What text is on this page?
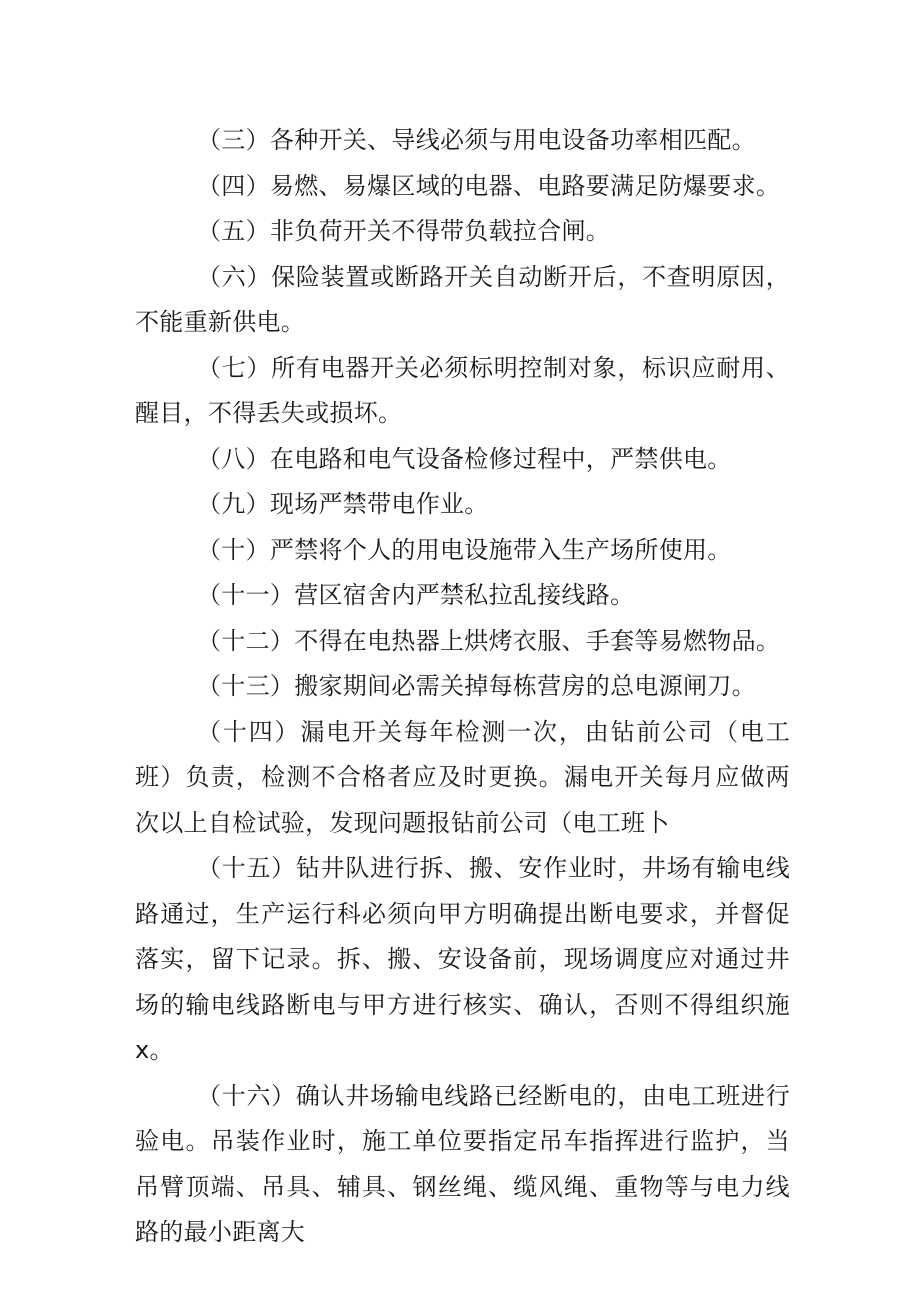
（三）各种开关、导线必须与用电设备功率相匹配。

（四）易燃、易爆区域的电器、电路要满足防爆要求。

（五）非负荷开关不得带负载拉合闸。

（六）保险装置或断路开关自动断开后，不查明原因，不能重新供电。

（七）所有电器开关必须标明控制对象，标识应耐用、醒目，不得丢失或损坏。

（八）在电路和电气设备检修过程中，严禁供电。

（九）现场严禁带电作业。

（十）严禁将个人的用电设施带入生产场所使用。

（十一）营区宿舍内严禁私拉乱接线路。

（十二）不得在电热器上烘烤衣服、手套等易燃物品。

（十三）搬家期间必需关掉每栋营房的总电源闸刀。

（十四）漏电开关每年检测一次，由钻前公司（电工班）负责，检测不合格者应及时更换。漏电开关每月应做两次以上自检试验，发现问题报钻前公司（电工班卜

（十五）钻井队进行拆、搬、安作业时，井场有输电线路通过，生产运行科必须向甲方明确提出断电要求，并督促落实，留下记录。拆、搬、安设备前，现场调度应对通过井场的输电线路断电与甲方进行核实、确认，否则不得组织施x。

（十六）确认井场输电线路已经断电的，由电工班进行验电。吊装作业时，施工单位要指定吊车指挥进行监护，当吊臂顶端、吊具、辅具、钢丝绳、缆风绳、重物等与电力线路的最小距离大
